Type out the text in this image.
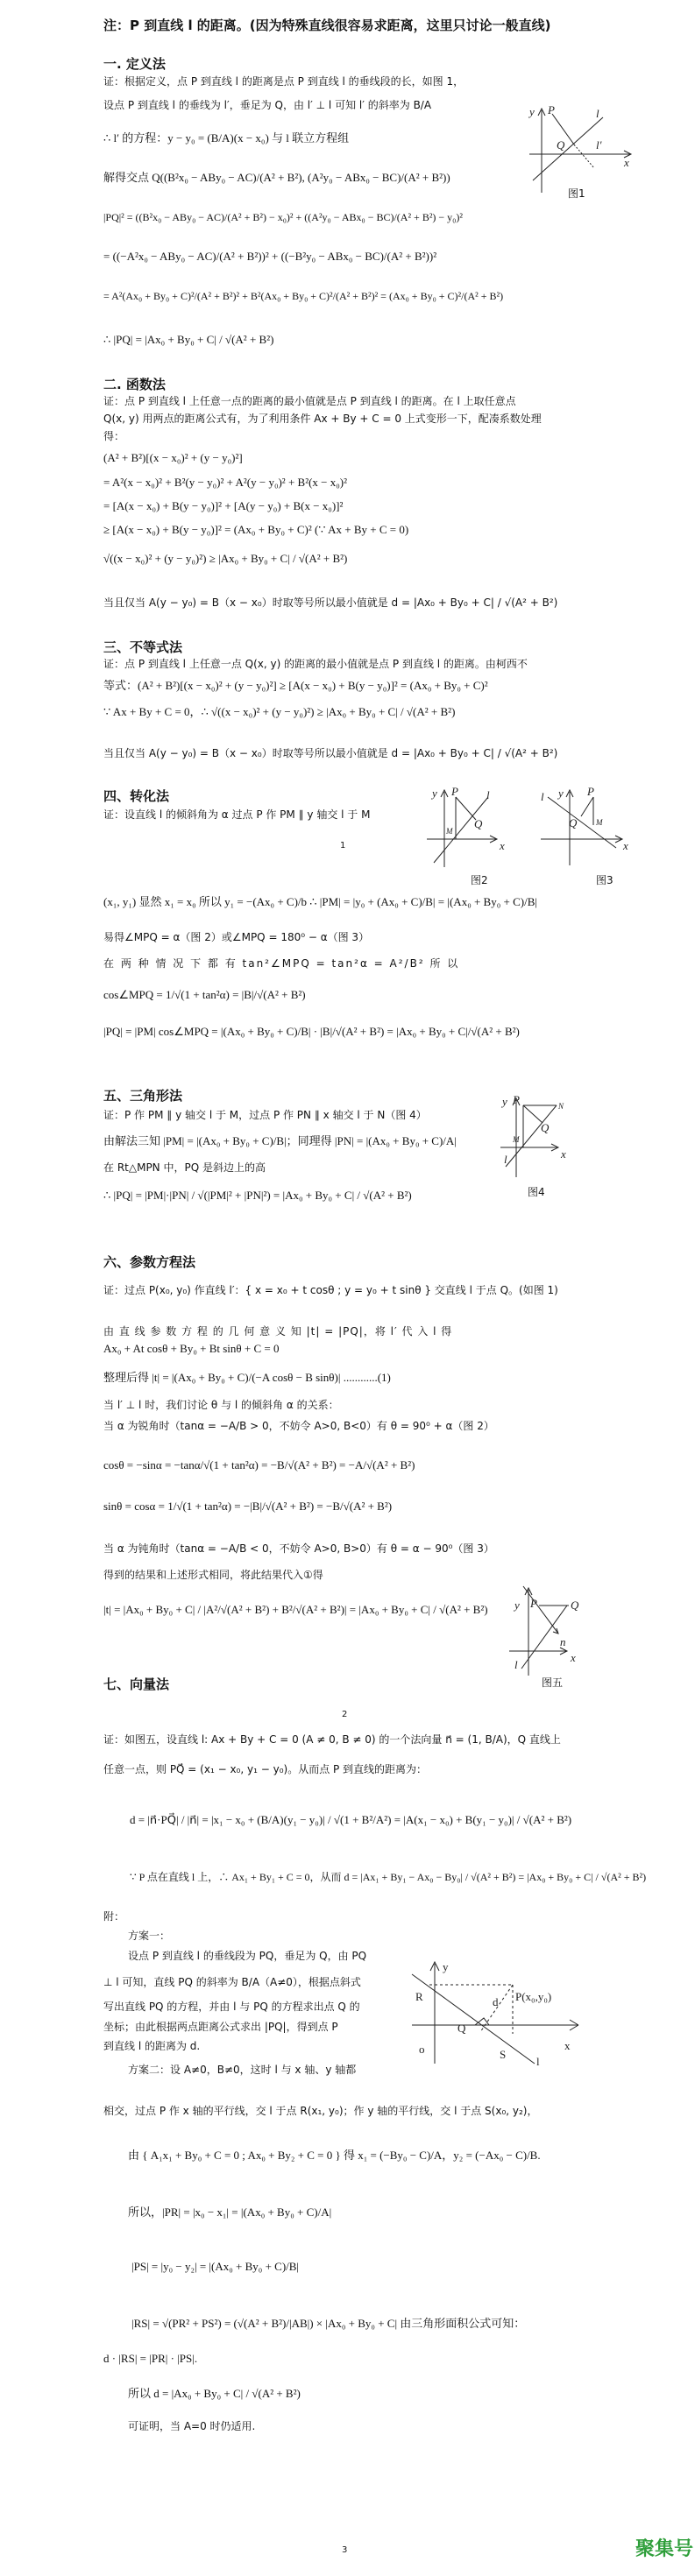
注：P 到直线 l 的距离。(因为特殊直线很容易求距离，这里只讨论一般直线)
一. 定义法
证：根据定义，点 P 到直线 l 的距离是点 P 到直线 l 的垂线段的长，如图 1，
设点 P 到直线 l 的垂线为 l′，垂足为 Q，由 l′ ⊥ l 可知 l′ 的斜率为 B/A
∴ l′ 的方程：y − y₀ = (B/A)(x − x₀) 与 l 联立方程组
解得交点 Q((B²x₀ − ABy₀ − AC)/(A² + B²), (A²y₀ − ABx₀ − BC)/(A² + B²))
|PQ|² = ((B²x₀ − ABy₀ − AC)/(A² + B²) − x₀)² + ((A²y₀ − ABx₀ − BC)/(A² + B²) − y₀)²
= ((−A²x₀ − ABy₀ − AC)/(A² + B²))² + ((−B²y₀ − ABx₀ − BC)/(A² + B²))²
= A²(Ax₀ + By₀ + C)²/(A² + B²)² + B²(Ax₀ + By₀ + C)²/(A² + B²)² = (Ax₀ + By₀ + C)²/(A² + B²)
∴ |PQ| = |Ax₀ + By₀ + C| / √(A² + B²)
y P	l
Q	l′
x
图1
二. 函数法
证：点 P 到直线 l 上任意一点的距离的最小值就是点 P 到直线 l 的距离。在 l 上取任意点
Q(x, y) 用两点的距离公式有，为了利用条件 Ax + By + C = 0 上式变形一下，配凑系数处理
得：
(A² + B²)[(x − x₀)² + (y − y₀)²]
= A²(x − x₀)² + B²(y − y₀)² + A²(y − y₀)² + B²(x − x₀)²
= [A(x − x₀) + B(y − y₀)]² + [A(y − y₀) + B(x − x₀)]²
≥ [A(x − x₀) + B(y − y₀)]² = (Ax₀ + By₀ + C)² (∵ Ax + By + C = 0)
√((x − x₀)² + (y − y₀)²) ≥ |Ax₀ + By₀ + C| / √(A² + B²)
当且仅当 A(y − y₀) = B（x − x₀）时取等号所以最小值就是 d = |Ax₀ + By₀ + C| / √(A² + B²)
三、不等式法
证：点 P 到直线 l 上任意一点 Q(x, y) 的距离的最小值就是点 P 到直线 l 的距离。由柯西不
等式：(A² + B²)[(x − x₀)² + (y − y₀)²] ≥ [A(x − x₀) + B(y − y₀)]² = (Ax₀ + By₀ + C)²
∵ Ax + By + C = 0，∴ √((x − x₀)² + (y − y₀)²) ≥ |Ax₀ + By₀ + C| / √(A² + B²)
当且仅当 A(y − y₀) = B（x − x₀）时取等号所以最小值就是 d = |Ax₀ + By₀ + C| / √(A² + B²)
四、转化法
证：设直线 l 的倾斜角为 α 过点 P 作 PM ∥ y 轴交 l 于 M
1
y P l
Q
M
x
图2
l y P
Q M
x
图3
(x₁, y₁) 显然 x₁ = x₀ 所以 y₁ = −(Ax₀ + C)/b ∴ |PM| = |y₀ + (Ax₀ + C)/B| = |(Ax₀ + By₀ + C)/B|
易得∠MPQ = α（图 2）或∠MPQ = 180⁰ − α（图 3）
在 两 种 情 况 下 都 有 tan²∠MPQ = tan²α = A²/B² 所 以
cos∠MPQ = 1/√(1 + tan²α) = |B|/√(A² + B²)
|PQ| = |PM| cos∠MPQ = |(Ax₀ + By₀ + C)/B| · |B|/√(A² + B²) = |Ax₀ + By₀ + C|/√(A² + B²)
五、三角形法
证：P 作 PM ∥ y 轴交 l 于 M，过点 P 作 PN ∥ x 轴交 l 于 N（图 4）
由解法三知 |PM| = |(Ax₀ + By₀ + C)/B|；同理得 |PN| = |(Ax₀ + By₀ + C)/A|
在 Rt△MPN 中，PQ 是斜边上的高
∴ |PQ| = |PM|·|PN| / √(|PM|² + |PN|²) = |Ax₀ + By₀ + C| / √(A² + B²)
y P	N
Q
M
x
l
图4
六、参数方程法
证：过点 P(x₀, y₀) 作直线 l′：{ x = x₀ + t cosθ ; y = y₀ + t sinθ } 交直线 l 于点 Q。(如图 1)
由 直 线 参 数 方 程 的 几 何 意 义 知 |t| = |PQ|，将 l′ 代 入 l 得
Ax₀ + At cosθ + By₀ + Bt sinθ + C = 0
整理后得 |t| = |(Ax₀ + By₀ + C)/(−A cosθ − B sinθ)| ............(1)
当 l′ ⊥ l 时，我们讨论 θ 与 l 的倾斜角 α 的关系：
当 α 为锐角时（tanα = −A/B > 0，不妨令 A>0, B<0）有 θ = 90⁰ + α（图 2）
cosθ = −sinα = −tanα/√(1 + tan²α) = −B/√(A² + B²) = −A/√(A² + B²)
sinθ = cosα = 1/√(1 + tan²α) = −|B|/√(A² + B²) = −B/√(A² + B²)
当 α 为钝角时（tanα = −A/B < 0，不妨令 A>0, B>0）有 θ = α − 90⁰（图 3）
得到的结果和上述形式相同，将此结果代入①得
|t| = |Ax₀ + By₀ + C| / |A²/√(A² + B²) + B²/√(A² + B²)| = |Ax₀ + By₀ + C| / √(A² + B²) y P	Q
n⃗
x
l
图五
七、向量法
2
证：如图五，设直线 l: Ax + By + C = 0 (A ≠ 0, B ≠ 0) 的一个法向量 n⃗ = (1, B/A)，Q 直线上
任意一点，则 PQ⃗ = (x₁ − x₀, y₁ − y₀)。从而点 P 到直线的距离为：
d = |n⃗·PQ⃗| / |n⃗| = |x₁ − x₀ + (B/A)(y₁ − y₀)| / √(1 + B²/A²) = |A(x₁ − x₀) + B(y₁ − y₀)| / √(A² + B²)
∵ P 点在直线 l 上，∴ Ax₁ + By₁ + C = 0，从而 d = |Ax₁ + By₁ − Ax₀ − By₀| / √(A² + B²) = |Ax₀ + By₀ + C| / √(A² + B²)
附：
方案一：
设点 P 到直线 l 的垂线段为 PQ，垂足为 Q，由 PQ
⊥ l 可知，直线 PQ 的斜率为 B/A（A≠0），根据点斜式
写出直线 PQ 的方程，并由 l 与 PQ 的方程求出点 Q 的
坐标；由此根据两点距离公式求出 |PQ|，得到点 P
到直线 l 的距离为 d.
y
R	d P(x₀,y₀)
Q
o	S
x
l
方案二：设 A≠0，B≠0，这时 l 与 x 轴、y 轴都
相交，过点 P 作 x 轴的平行线，交 l 于点 R(x₁, y₀)；作 y 轴的平行线，交 l 于点 S(x₀, y₂)，
由 { A₁x₁ + By₀ + C = 0 ; Ax₀ + By₂ + C = 0 } 得 x₁ = (−By₀ − C)/A，y₂ = (−Ax₀ − C)/B.
所以，|PR| = |x₀ − x₁| = |(Ax₀ + By₀ + C)/A|
|PS| = |y₀ − y₂| = |(Ax₀ + By₀ + C)/B|
|RS| = √(PR² + PS²) = (√(A² + B²)/|AB|) × |Ax₀ + By₀ + C| 由三角形面积公式可知：
d · |RS| = |PR| · |PS|.
所以 d = |Ax₀ + By₀ + C| / √(A² + B²)
可证明，当 A=0 时仍适用.
3	聚集号
